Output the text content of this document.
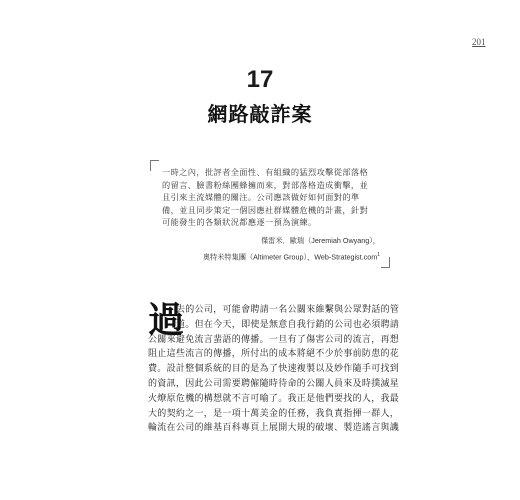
201
17
網路敲詐案
一時之內，批評者全面性、有組織的猛烈攻擊從部落格
的留言、臉書粉絲團蜂擁而來，對部落格造成衝擊，並
且引來主流媒體的關注。公司應該做好如何面對的準
備，並且同步策定一個因應社群媒體危機的計畫，針對
可能發生的各類狀況都應逐一預為演練。
傑雷米．歐瑞（Jeremiah Owyang），
奧特米特集團（Altimeter Group），Web-Strategist.com$^1$
過
去的公司，可能會聘請一名公關來維繫與公眾對話的管
道。但在今天，即使是無意自我行銷的公司也必須聘請
公關來避免流言蜚語的傳播。一旦有了傷害公司的流言，再想
阻止這些流言的傳播，所付出的成本將絕不少於事前防患的花
費。設計整個系統的目的是為了快速複製以及妙作隨手可找到
的資訊，因此公司需要聘僱隨時待命的公關人員來及時撲滅星
火燎原危機的構想就不言可喻了。我正是他們要找的人，我最
大的契約之一，是一項十萬美金的任務，我負責指揮一群人，
輪流在公司的維基百科專頁上展開大規的破壞、製造謠言與譏
